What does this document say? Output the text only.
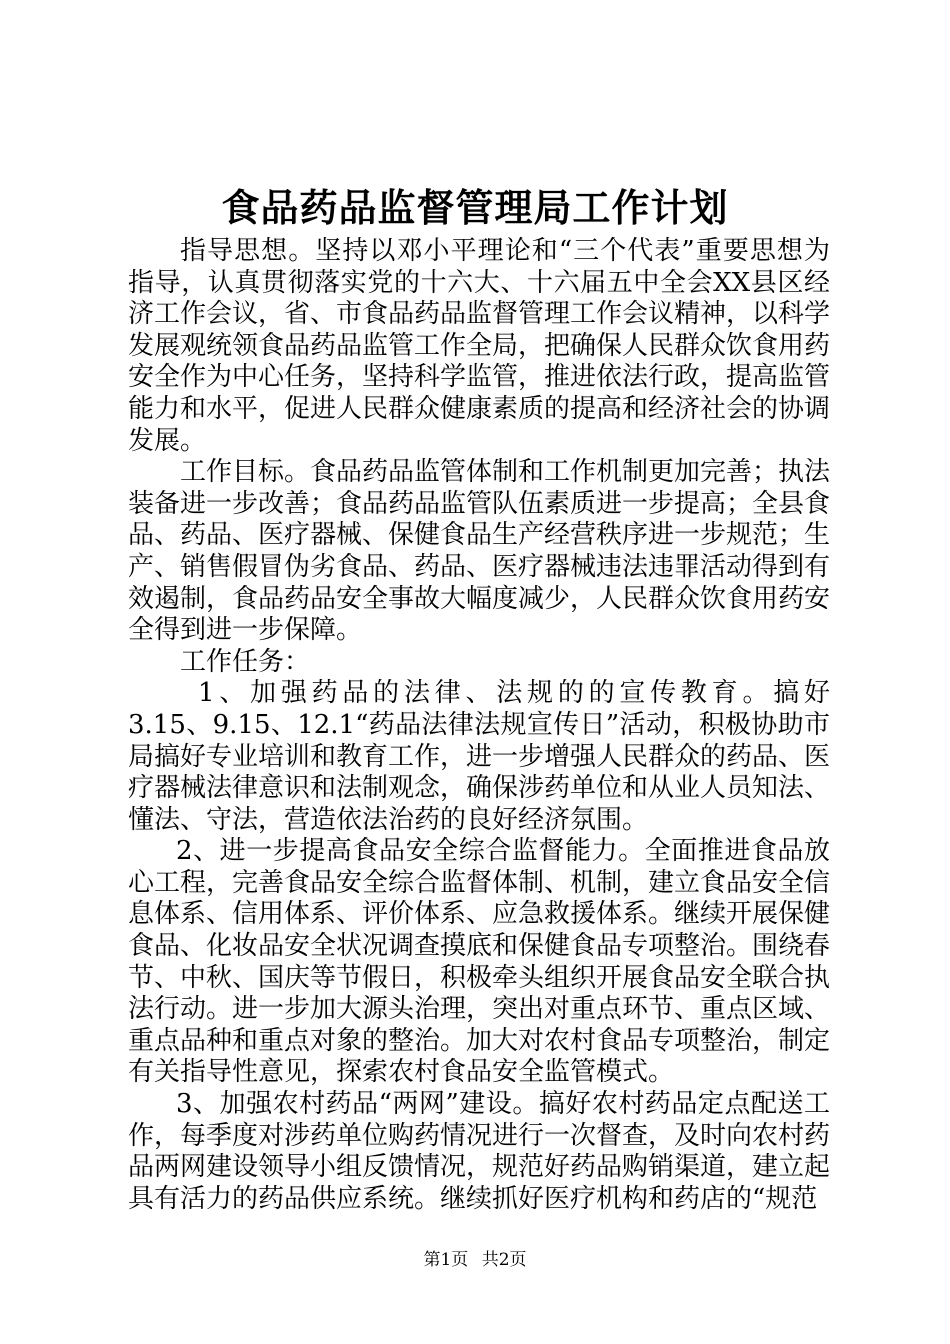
食品药品监督管理局工作计划

指导思想。坚持以邓小平理论和“三个代表”重要思想为指导，认真贯彻落实党的十六大、十六届五中全会XX县区经济工作会议，省、市食品药品监督管理工作会议精神，以科学发展观统领食品药品监管工作全局，把确保人民群众饮食用药安全作为中心任务，坚持科学监管，推进依法行政，提高监管能力和水平，促进人民群众健康素质的提高和经济社会的协调发展。

工作目标。食品药品监管体制和工作机制更加完善；执法装备进一步改善；食品药品监管队伍素质进一步提高；全县食品、药品、医疗器械、保健食品生产经营秩序进一步规范；生产、销售假冒伪劣食品、药品、医疗器械违法违罪活动得到有效遏制，食品药品安全事故大幅度减少，人民群众饮食用药安全得到进一步保障。

工作任务：

1、加强药品的法律、法规的的宣传教育。搞好

3.15、9.15、12.1“药品法律法规宣传日”活动，积极协助市局搞好专业培训和教育工作，进一步增强人民群众的药品、医疗器械法律意识和法制观念，确保涉药单位和从业人员知法、懂法、守法，营造依法治药的良好经济氛围。

2、进一步提高食品安全综合监督能力。全面推进食品放心工程，完善食品安全综合监督体制、机制，建立食品安全信息体系、信用体系、评价体系、应急救援体系。继续开展保健食品、化妆品安全状况调查摸底和保健食品专项整治。围绕春节、中秋、国庆等节假日，积极牵头组织开展食品安全联合执法行动。进一步加大源头治理，突出对重点环节、重点区域、重点品种和重点对象的整治。加大对农村食品专项整治，制定有关指导性意见，探索农村食品安全监管模式。

3、加强农村药品“两网”建设。搞好农村药品定点配送工作，每季度对涉药单位购药情况进行一次督查，及时向农村药品两网建设领导小组反馈情况，规范好药品购销渠道，建立起具有活力的药品供应系统。继续抓好医疗机构和药店的“规范

第1页 共2页
